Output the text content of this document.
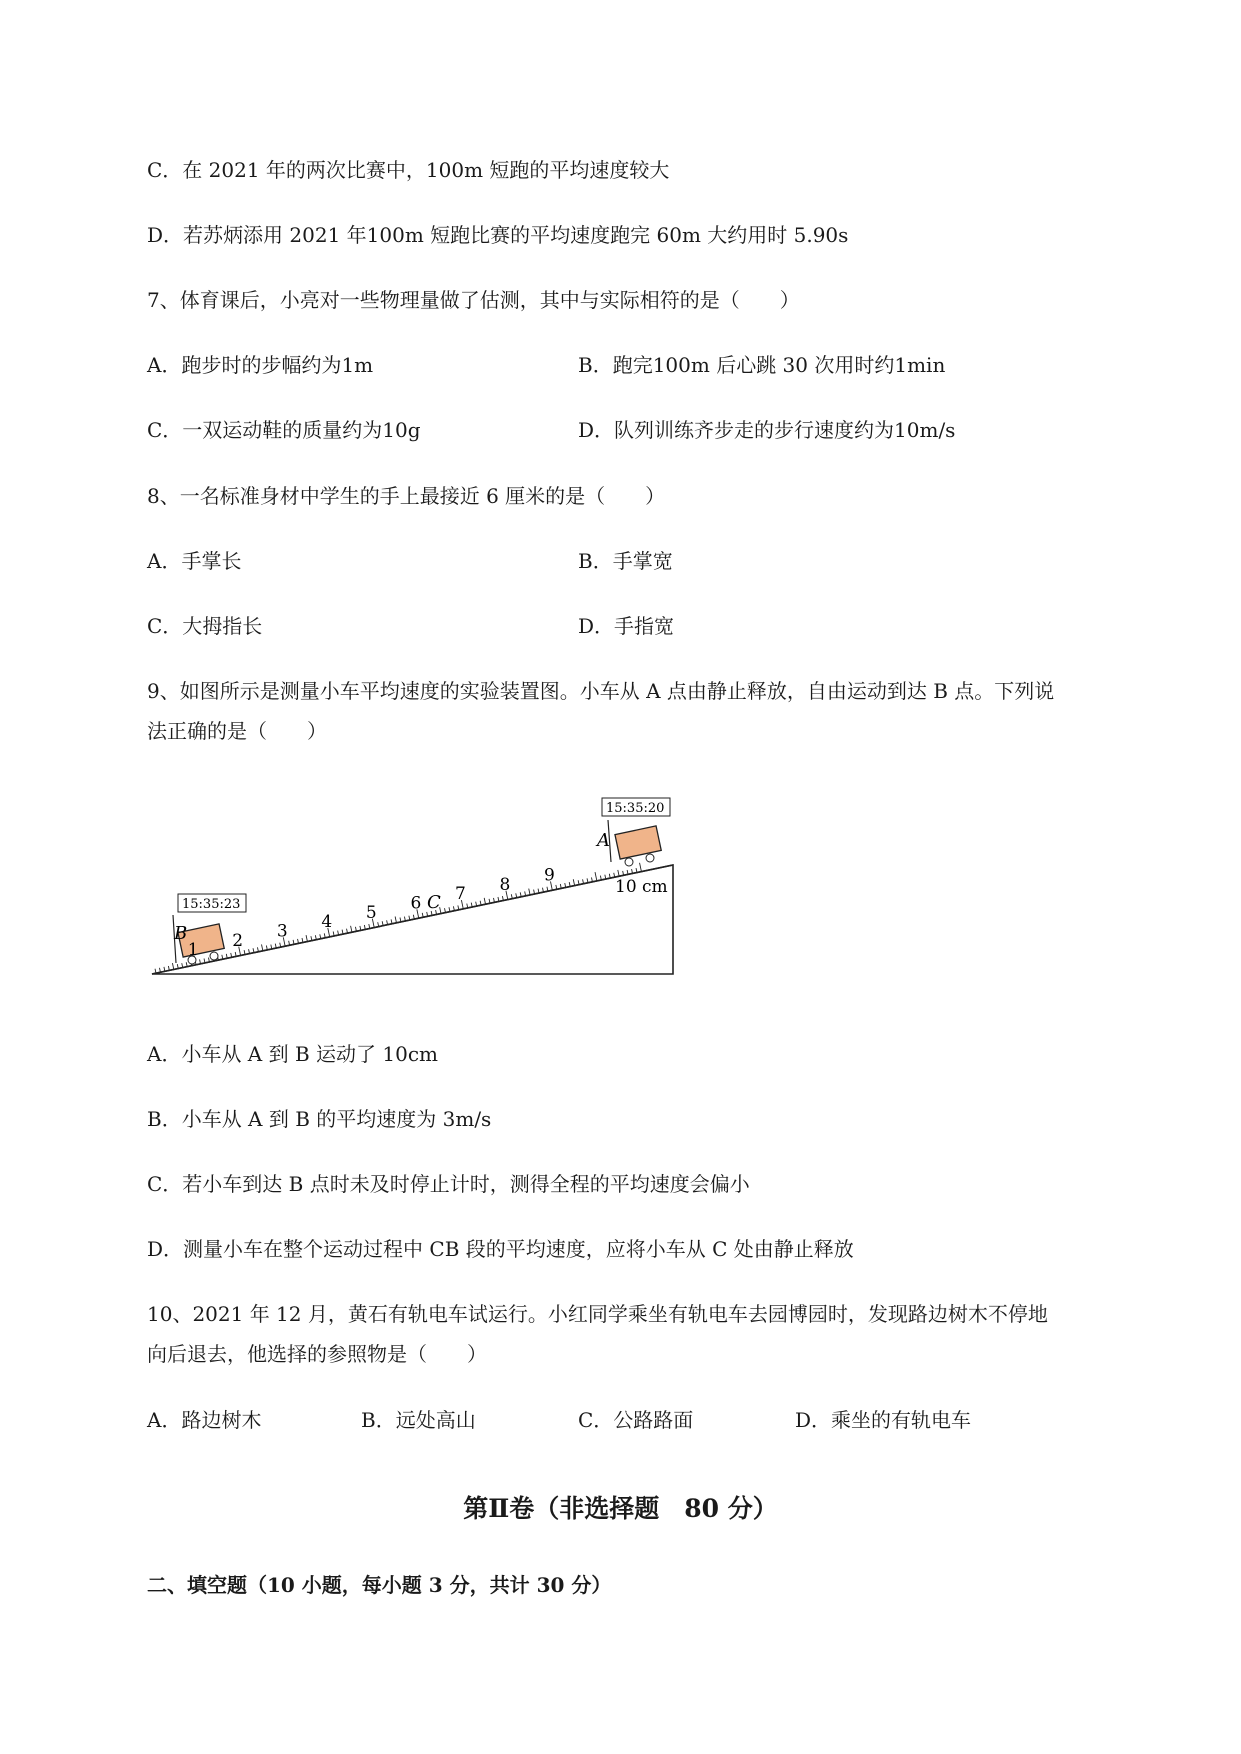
C．在 2021 年的两次比赛中，100m 短跑的平均速度较大
D．若苏炳添用 2021 年100m 短跑比赛的平均速度跑完 60m 大约用时 5.90s
7、体育课后，小亮对一些物理量做了估测，其中与实际相符的是（　　）
A．跑步时的步幅约为1m	B．跑完100m 后心跳 30 次用时约1min
C．一双运动鞋的质量约为10g	D．队列训练齐步走的步行速度约为10m/s
8、一名标准身材中学生的手上最接近 6 厘米的是（　　）
A．手掌长	B．手掌宽
C．大拇指长	D．手指宽
9、如图所示是测量小车平均速度的实验装置图。小车从 A 点由静止释放，自由运动到达 B 点。下列说
法正确的是（　　）
15:35:20
15:35:23
A
B
C
10 cm
1 2 3 4 5 6 7 8 9
A．小车从 A 到 B 运动了 10cm
B．小车从 A 到 B 的平均速度为 3m/s
C．若小车到达 B 点时未及时停止计时，测得全程的平均速度会偏小
D．测量小车在整个运动过程中 CB 段的平均速度，应将小车从 C 处由静止释放
10、2021 年 12 月，黄石有轨电车试运行。小红同学乘坐有轨电车去园博园时，发现路边树木不停地
向后退去，他选择的参照物是（　　）
A．路边树木	B．远处高山	C．公路路面	D．乘坐的有轨电车
第Ⅱ卷（非选择题　80 分）
二、填空题（10 小题，每小题 3 分，共计 30 分）
